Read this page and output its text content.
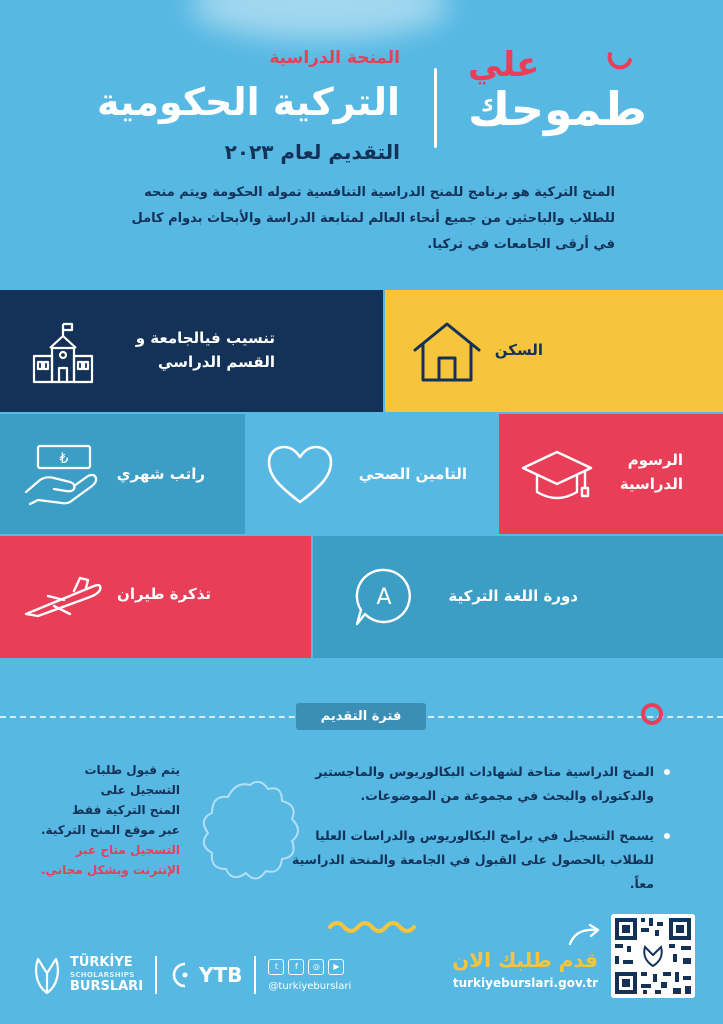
المنحة الدراسية
التركية الحكومية
التقديم لعام ٢٠٢٣
علي
طموحك
المنح التركية هو برنامج للمنح الدراسية التنافسية تموله الحكومة ويتم منحه للطلاب والباحثين من جميع أنحاء العالم لمتابعة الدراسة والأبحاث بدوام كامل في أرقى الجامعات في تركيا.
تنسيب فيالجامعة و القسم الدراسي
السكن
₺
راتب شهري	التامين الصحي
الرسوم الدراسية
تذكرة طيران	A	دورة اللغة التركية
فترة التقديم
المنح الدراسية متاحة لشهادات البكالوريوس والماجستير والدكتوراه والبحث في مجموعة من الموضوعات.
يسمح التسجيل في برامج البكالوريوس والدراسات العليا للطلاب بالحصول على القبول في الجامعة والمنحة الدراسية معاً.
يتم قبول طلبات
التسجيل على
المنح التركية فقط
عبر موقع المنح التركية.
التسجيل متاح عبر
الإنترنت وبشكل مجاني.
TÜRKİYE
SCHOLARSHIPS
BURSLARI	YTB	t	f	◎	▶
@turkiyeburslari
قدم طلبك الان
turkiyeburslari.gov.tr
